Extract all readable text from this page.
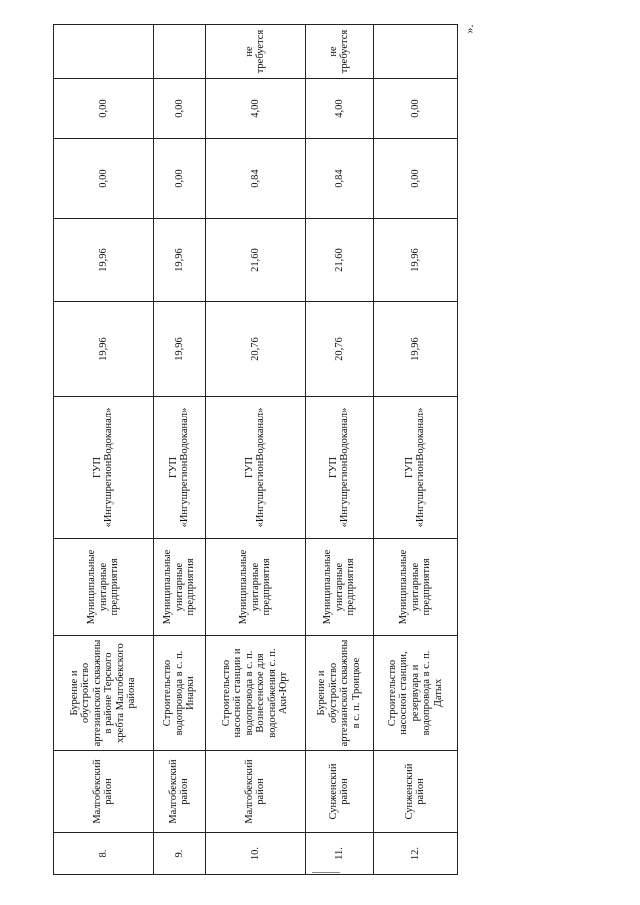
8.	Малгобекский район	Бурение и обустройство артезианской скважины в районе Терского хребта Малгобекского района	Муниципальные унитарные предприятия	ГУП «ИнгушрегионВодоканал»	19,96	19,96	0,00	0,00	
9.	Малгобекский район	Строительство водопровода в с. п. Инарки	Муниципальные унитарные предприятия	ГУП «ИнгушрегионВодоканал»	19,96	19,96	0,00	0,00	
10.	Малгобекский район	Строительство насосной станции и водопровода в с. п. Вознесенское для водоснабжения с. п. Аки-Юрт	Муниципальные унитарные предприятия	ГУП «ИнгушрегионВодоканал»	20,76	21,60	0,84	4,00	не требуется
11.	Сунженский район	Бурение и обустройство артезианской скважины в с. п. Троицкое	Муниципальные унитарные предприятия	ГУП «ИнгушрегионВодоканал»	20,76	21,60	0,84	4,00	не требуется
12.	Сунженский район	Строительство насосной станции, резервуара и водопровода в с. п. Датых	Муниципальные унитарные предприятия	ГУП «ИнгушрегионВодоканал»	19,96	19,96	0,00	0,00	
».
